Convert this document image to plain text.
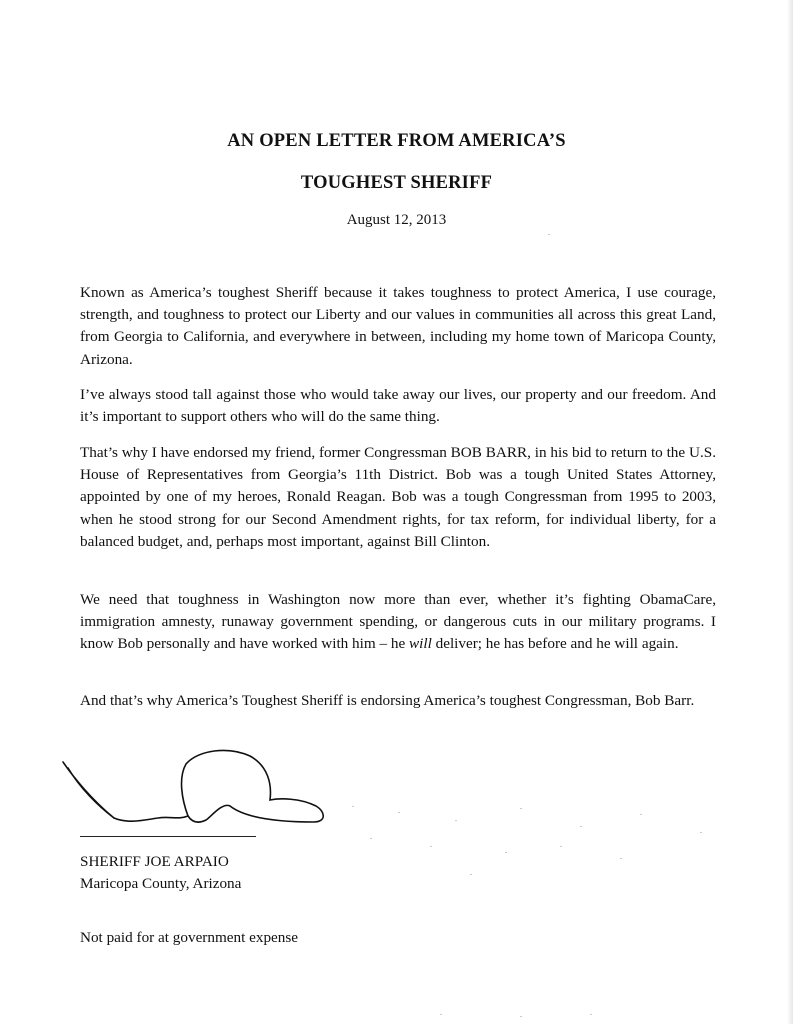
AN OPEN LETTER FROM AMERICA’S
TOUGHEST SHERIFF
August 12, 2013
Known as America’s toughest Sheriff because it takes toughness to protect America, I use courage, strength, and toughness to protect our Liberty and our values in communities all across this great Land, from Georgia to California, and everywhere in between, including my home town of Maricopa County, Arizona.
I’ve always stood tall against those who would take away our lives, our property and our freedom. And it’s important to support others who will do the same thing.
That’s why I have endorsed my friend, former Congressman BOB BARR, in his bid to return to the U.S. House of Representatives from Georgia’s 11th District. Bob was a tough United States Attorney, appointed by one of my heroes, Ronald Reagan. Bob was a tough Congressman from 1995 to 2003, when he stood strong for our Second Amendment rights, for tax reform, for individual liberty, for a balanced budget, and, perhaps most important, against Bill Clinton.
We need that toughness in Washington now more than ever, whether it’s fighting ObamaCare, immigration amnesty, runaway government spending, or dangerous cuts in our military programs. I know Bob personally and have worked with him – he will deliver; he has before and he will again.
And that’s why America’s Toughest Sheriff is endorsing America’s toughest Congressman, Bob Barr.
SHERIFF JOE ARPAIO
Maricopa County, Arizona
Not paid for at government expense
